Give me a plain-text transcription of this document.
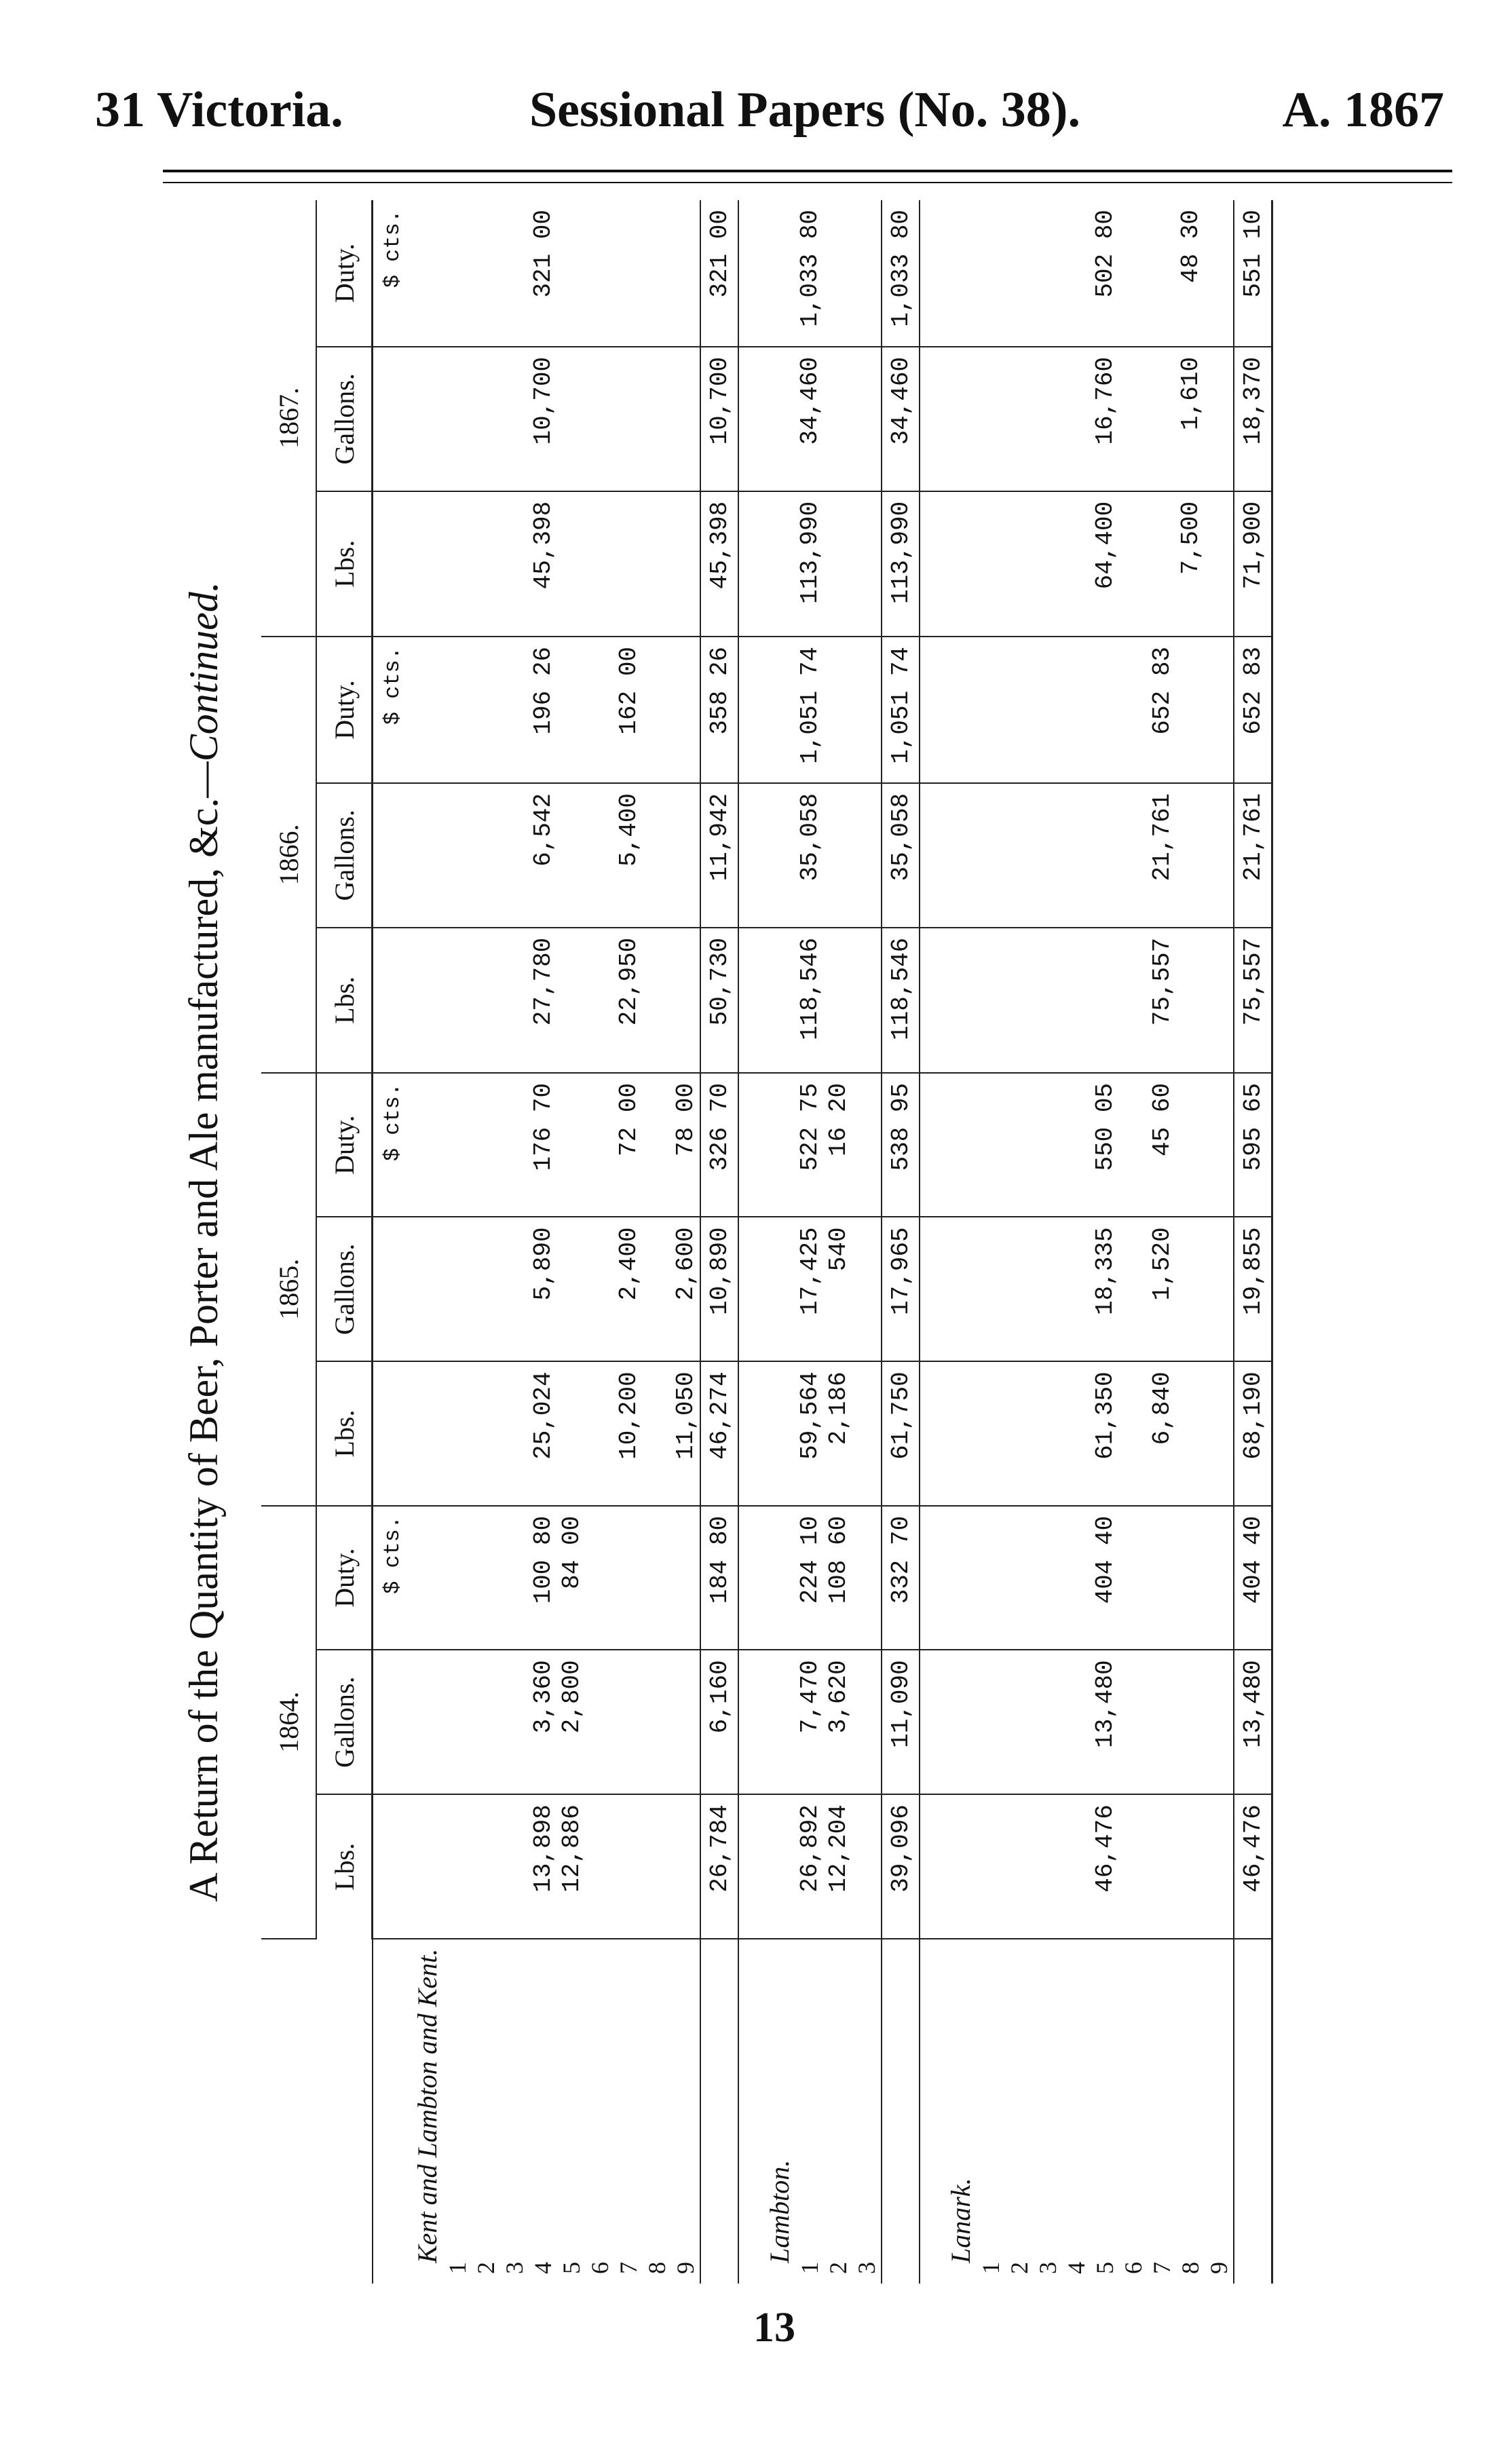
31 Victoria.	Sessional Papers (No. 38).	A. 1867
A Return of the Quantity of Beer, Porter and Ale manufactured, &c.—Continued.
	1864.			1865.			1866.			1867.		
	Lbs.	Gallons.	Duty.	Lbs.	Gallons.	Duty.	Lbs.	Gallons.	Duty.	Lbs.	Gallons.	Duty.
			$ cts.			$ cts.			$ cts.			$ cts.
Kent and Lambton and Kent.												
1												
2												
3												
4	13,898	3,360	100 80	25,024	5,890	176 70	27,780	6,542	196 26	45,398	10,700	321 00
5	12,886	2,800	84 00									
6												
7				10,200	2,400	72 00	22,950	5,400	162 00			
8												
9				11,050	2,600	78 00						
	26,784	6,160	184 80	46,274	10,890	326 70	50,730	11,942	358 26	45,398	10,700	321 00

Lambton.												
1	26,892	7,470	224 10	59,564	17,425	522 75	118,546	35,058	1,051 74	113,990	34,460	1,033 80
2	12,204	3,620	108 60	2,186	540	16 20						
3												
	39,096	11,090	332 70	61,750	17,965	538 95	118,546	35,058	1,051 74	113,990	34,460	1,033 80

Lanark.												
1												
2												
3												
4												
5	46,476	13,480	404 40	61,350	18,335	550 05				64,400	16,760	502 80
6												
7				6,840	1,520	45 60	75,557	21,761	652 83			
8										7,500	1,610	48 30
9												
	46,476	13,480	404 40	68,190	19,855	595 65	75,557	21,761	652 83	71,900	18,370	551 10
13
